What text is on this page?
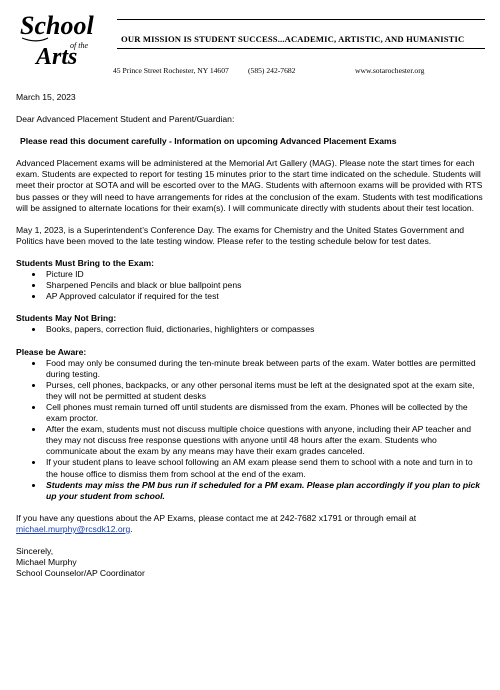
School
of the
Arts
OUR MISSION IS STUDENT SUCCESS...ACADEMIC, ARTISTIC, AND HUMANISTIC
45 Prince Street Rochester, NY 14607	(585) 242-7682	www.sotarochester.org

March 15, 2023

Dear Advanced Placement Student and Parent/Guardian:

Please read this document carefully - Information on upcoming Advanced Placement Exams

Advanced Placement exams will be administered at the Memorial Art Gallery (MAG). Please note the start times for each exam. Students are expected to report for testing 15 minutes prior to the start time indicated on the schedule. Students will meet their proctor at SOTA and will be escorted over to the MAG. Students with afternoon exams will be provided with RTS bus passes or they will need to have arrangements for rides at the conclusion of the exam. Students with test modifications will be assigned to alternate locations for their exam(s). I will communicate directly with students about their test location.

May 1, 2023, is a Superintendent’s Conference Day. The exams for Chemistry and the United States Government and Politics have been moved to the late testing window. Please refer to the testing schedule below for test dates.

Students Must Bring to the Exam:

• Picture ID
• Sharpened Pencils and black or blue ballpoint pens
• AP Approved calculator if required for the test

Students May Not Bring:

• Books, papers, correction fluid, dictionaries, highlighters or compasses

Please be Aware:

• Food may only be consumed during the ten-minute break between parts of the exam. Water bottles are permitted during testing.
• Purses, cell phones, backpacks, or any other personal items must be left at the designated spot at the exam site, they will not be permitted at student desks
• Cell phones must remain turned off until students are dismissed from the exam. Phones will be collected by the exam proctor.
• After the exam, students must not discuss multiple choice questions with anyone, including their AP teacher and they may not discuss free response questions with anyone until 48 hours after the exam. Students who communicate about the exam by any means may have their exam grades canceled.
• If your student plans to leave school following an AM exam please send them to school with a note and turn in to the house office to dismiss them from school at the end of the exam.
• Students may miss the PM bus run if scheduled for a PM exam. Please plan accordingly if you plan to pick up your student from school.

If you have any questions about the AP Exams, please contact me at 242-7682 x1791 or through email at michael.murphy@rcsdk12.org.

Sincerely,

Michael Murphy

School Counselor/AP Coordinator
